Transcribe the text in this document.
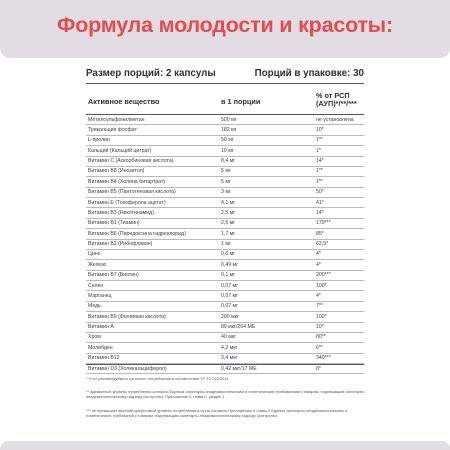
Формула молодости и красоты:
Размер порций: 2 капсулы	Порций в упаковке: 30
Активное вещество	в 1 порции
% от РСП
(АУП)*/**/***
Метилсульфонилметан	500 мг	не установлена
Трикальция фосфат	182 мг	10*
L-пролин	50 мг	1**
Кальций (Кальций цитрат)	10 мг	1*
Витамин С (Аскорбиновая кислота)	8,4 мг	14*
Витамин В8 (Инозитол)	5 мг	1**
Витамин В4 (Холина битартрат)	5 мг	1**
Витамин В5 (Пантотеновая кислота)	3 мг	50*
Витамин Е (Токоферола ацетат)	4,1 мг	41*
Витамин В3 (Никотинамид)	2,5 мг	14*
Витамин В1 (Тиамин)	2,5 мг	179***
Витамин В6 (Пиридоксина гидрохлорид)	1,7 мг	85*
Витамин В2 (Рибофлавин)	1 мг	62,5*
Цинк	0,6 мг	4*
Железо	0,49 мг	4*
Витамин В7 (Биотин)	0,1 мг	200***
Селен	0,07 мг	100*
Марганец	0,07 мг	4*
Медь	0,07 мг	7**
Витамин В9 (Фолиевая кислота)	200 мкг	100*
Витамин А	80 мкг/264 МЕ	10*
Хром	40 мкг	80**
Молибден	4,2 мкг	6**
Витамин В12	3,4 мкг	340***
Витамин D3 (Холекальциферол)	0,42 мкг/17 МЕ	8*
* % от рекомендуемого суточного потребления в соответствии ТР ТС 022/2011
** адекватный уровень потребления согласно Единым санитарно-эпидемиологическим и гигиеническим требованиям к товарам, подлежащим санитарно-эпидемиологическому надзору (контролю), Приложение 5, глава II, раздел 1
*** не превышает верхний допустимый уровень потребления в сутки согласно Приложению 5 главы II Единых санитарно-эпидемиологических и гигиенических требований к товарам, подлежащим санитарно-эпидемиологическому надзору (контролю).
